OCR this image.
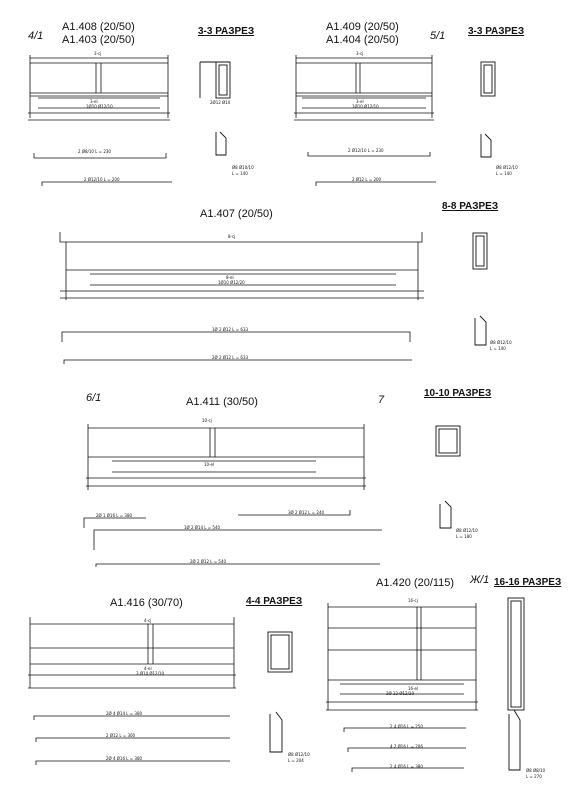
A1.408 (20/50)
A1.403 (20/50)
4/1	3-3 РАЗРЕЗ
3-cj
3-el
1Ø10 Ø12/10
2Ø12 Ø10
2 Ø8/10 L = 230
2 Ø12/10 L = 200
Ø8 Ø10/10
L = 140
A1.409 (20/50)
A1.404 (20/50)	5/1 3-3 РАЗРЕЗ
3-cj
3-el
1Ø10 Ø12/10
2 Ø12/10 L = 230
2 Ø12 L = 200
Ø8 Ø12/10
L = 140
A1.407 (20/50)
8-8 РАЗРЕЗ
8-cj
8-el
1Ø10 Ø12/20
1Ø 2 Ø12 L = 633
2Ø 2 Ø12 L = 633
Ø8 Ø12/10
L = 140
A1.411 (30/50)
6/1	7
10-10 РАЗРЕЗ
10-cj
10-el
2Ø 1 Ø16 L = 380
3Ø 2 Ø12 L = 240
1Ø 2 Ø14 L = 540
2Ø 2 Ø12 L = 540
Ø8 Ø12/10
L = 180
A1.416 (30/70)	4-4 РАЗРЕЗ
4-cj
4-el
3 Ø14 Ø12/10
2Ø 4 Ø14 L = 380
2 Ø12 L = 300
2Ø 4 Ø16 L = 380
Ø8 Ø12/10
L = 204
A1.420 (20/115) Ж/1 16-16 РАЗРЕЗ
16-cj
16-el
2Ø 12 Ø12/20
2 4 Ø16 L = 250
4 2 Ø16 L = 206
2 4 Ø16 L = 380
Ø8 Ø8/10
L = 270
